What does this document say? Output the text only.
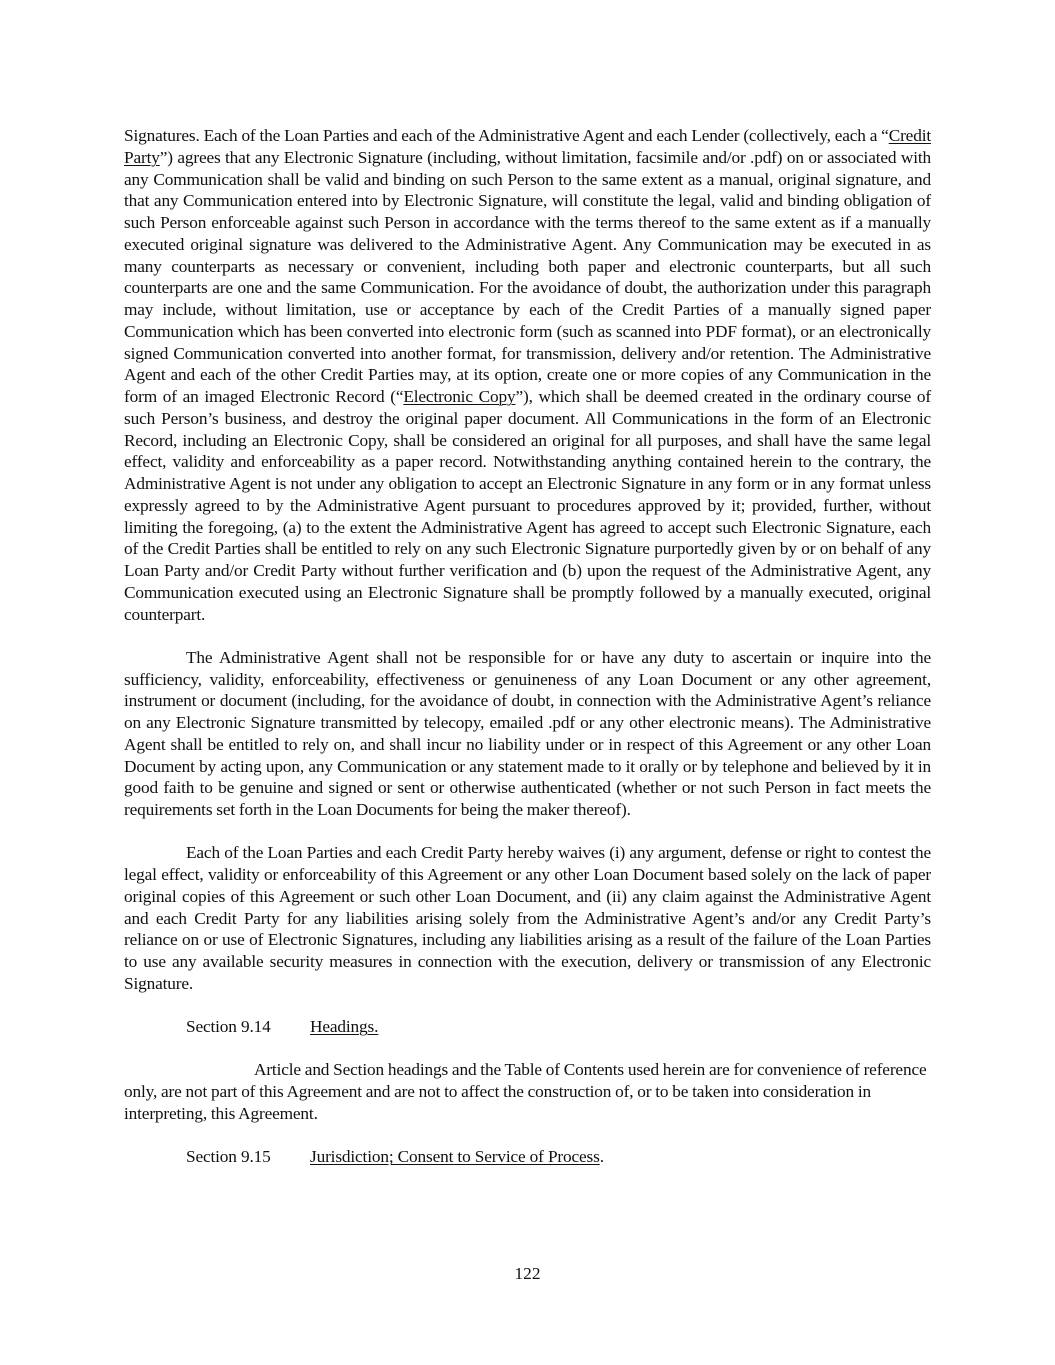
Signatures. Each of the Loan Parties and each of the Administrative Agent and each Lender (collectively, each a “Credit Party”) agrees that any Electronic Signature (including, without limitation, facsimile and/or .pdf) on or associated with any Communication shall be valid and binding on such Person to the same extent as a manual, original signature, and that any Communication entered into by Electronic Signature, will constitute the legal, valid and binding obligation of such Person enforceable against such Person in accordance with the terms thereof to the same extent as if a manually executed original signature was delivered to the Administrative Agent. Any Communication may be executed in as many counterparts as necessary or convenient, including both paper and electronic counterparts, but all such counterparts are one and the same Communication. For the avoidance of doubt, the authorization under this paragraph may include, without limitation, use or acceptance by each of the Credit Parties of a manually signed paper Communication which has been converted into electronic form (such as scanned into PDF format), or an electronically signed Communication converted into another format, for transmission, delivery and/or retention. The Administrative Agent and each of the other Credit Parties may, at its option, create one or more copies of any Communication in the form of an imaged Electronic Record (“Electronic Copy”), which shall be deemed created in the ordinary course of such Person’s business, and destroy the original paper document. All Communications in the form of an Electronic Record, including an Electronic Copy, shall be considered an original for all purposes, and shall have the same legal effect, validity and enforceability as a paper record. Notwithstanding anything contained herein to the contrary, the Administrative Agent is not under any obligation to accept an Electronic Signature in any form or in any format unless expressly agreed to by the Administrative Agent pursuant to procedures approved by it; provided, further, without limiting the foregoing, (a) to the extent the Administrative Agent has agreed to accept such Electronic Signature, each of the Credit Parties shall be entitled to rely on any such Electronic Signature purportedly given by or on behalf of any Loan Party and/or Credit Party without further verification and (b) upon the request of the Administrative Agent, any Communication executed using an Electronic Signature shall be promptly followed by a manually executed, original counterpart.

The Administrative Agent shall not be responsible for or have any duty to ascertain or inquire into the sufficiency, validity, enforceability, effectiveness or genuineness of any Loan Document or any other agreement, instrument or document (including, for the avoidance of doubt, in connection with the Administrative Agent’s reliance on any Electronic Signature transmitted by telecopy, emailed .pdf or any other electronic means). The Administrative Agent shall be entitled to rely on, and shall incur no liability under or in respect of this Agreement or any other Loan Document by acting upon, any Communication or any statement made to it orally or by telephone and believed by it in good faith to be genuine and signed or sent or otherwise authenticated (whether or not such Person in fact meets the requirements set forth in the Loan Documents for being the maker thereof).

Each of the Loan Parties and each Credit Party hereby waives (i) any argument, defense or right to contest the legal effect, validity or enforceability of this Agreement or any other Loan Document based solely on the lack of paper original copies of this Agreement or such other Loan Document, and (ii) any claim against the Administrative Agent and each Credit Party for any liabilities arising solely from the Administrative Agent’s and/or any Credit Party’s reliance on or use of Electronic Signatures, including any liabilities arising as a result of the failure of the Loan Parties to use any available security measures in connection with the execution, delivery or transmission of any Electronic Signature.

Section 9.14 Headings.

Article and Section headings and the Table of Contents used herein are for convenience of reference only, are not part of this Agreement and are not to affect the construction of, or to be taken into consideration in interpreting, this Agreement.

Section 9.15 Jurisdiction; Consent to Service of Process.
122
